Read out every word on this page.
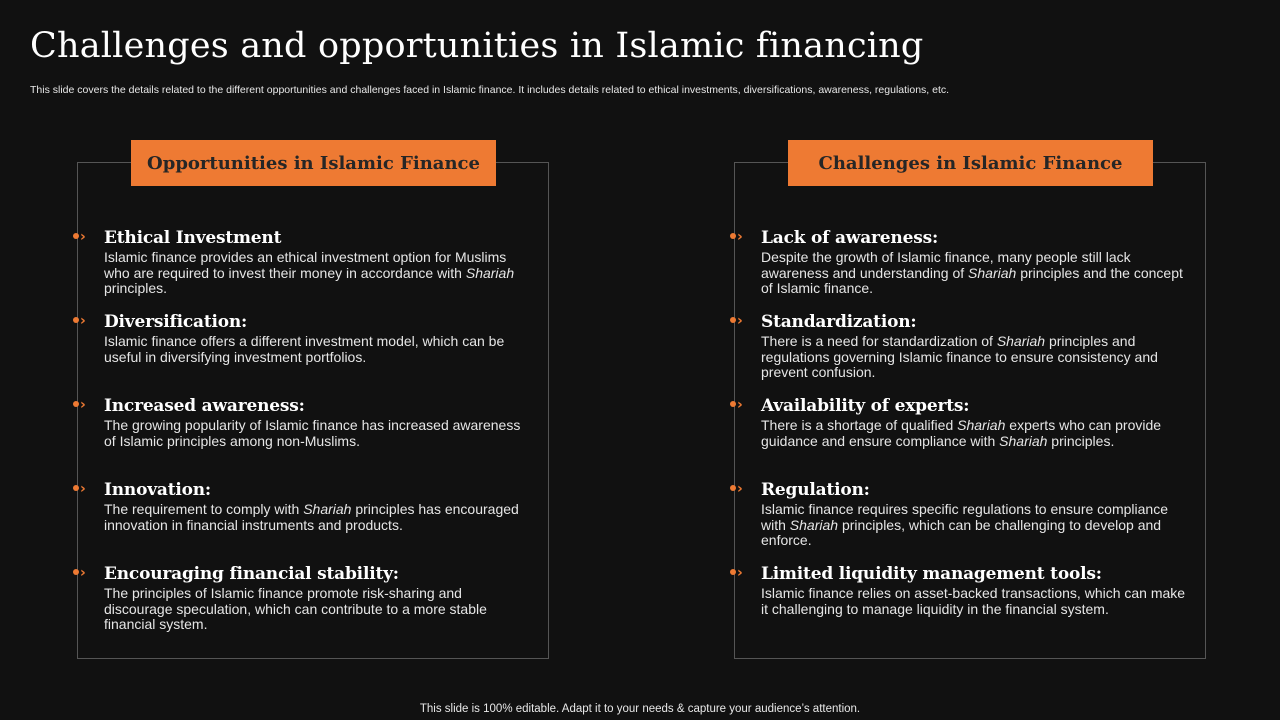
Challenges and opportunities in Islamic financing

This slide covers the details related to the different opportunities and challenges faced in Islamic finance. It includes details related to ethical investments, diversifications, awareness, regulations, etc.

Opportunities in Islamic Finance
› Ethical Investment
Islamic finance provides an ethical investment option for Muslims who are required to invest their money in accordance with Shariah principles.
› Diversification:
Islamic finance offers a different investment model, which can be useful in diversifying investment portfolios.
› Increased awareness:
The growing popularity of Islamic finance has increased awareness of Islamic principles among non-Muslims.
› Innovation:
The requirement to comply with Shariah principles has encouraged innovation in financial instruments and products.
› Encouraging financial stability:
The principles of Islamic finance promote risk-sharing and discourage speculation, which can contribute to a more stable financial system.
Challenges in Islamic Finance
› Lack of awareness:
Despite the growth of Islamic finance, many people still lack awareness and understanding of Shariah principles and the concept of Islamic finance.
› Standardization:
There is a need for standardization of Shariah principles and regulations governing Islamic finance to ensure consistency and prevent confusion.
› Availability of experts:
There is a shortage of qualified Shariah experts who can provide guidance and ensure compliance with Shariah principles.
› Regulation:
Islamic finance requires specific regulations to ensure compliance with Shariah principles, which can be challenging to develop and enforce.
› Limited liquidity management tools:
Islamic finance relies on asset-backed transactions, which can make it challenging to manage liquidity in the financial system.
This slide is 100% editable. Adapt it to your needs & capture your audience’s attention.
